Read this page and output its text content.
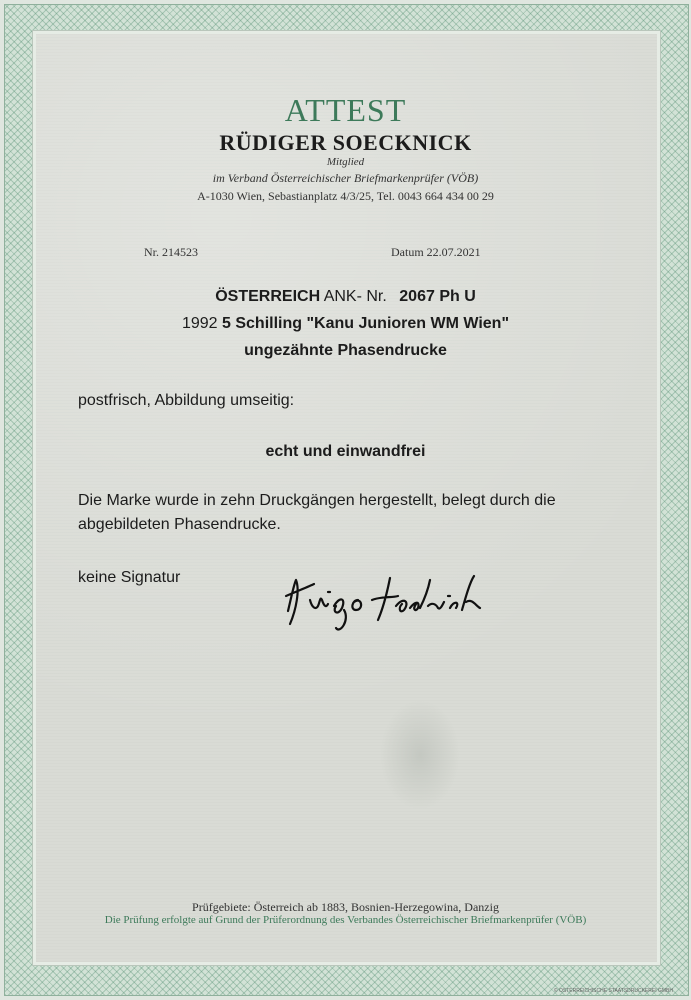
ATTEST
RÜDIGER SOECKNICK
Mitglied
im Verband Österreichischer Briefmarkenprüfer (VÖB)
A-1030 Wien, Sebastianplatz 4/3/25, Tel. 0043 664 434 00 29
Nr. 214523	Datum 22.07.2021
ÖSTERREICH ANK- Nr. 2067 Ph U
1992 5 Schilling "Kanu Junioren WM Wien"
ungezähnte Phasendrucke
postfrisch, Abbildung umseitig:
echt und einwandfrei
Die Marke wurde in zehn Druckgängen hergestellt, belegt durch die abgebildeten Phasendrucke.
keine Signatur
Prüfgebiete: Österreich ab 1883, Bosnien-Herzegowina, Danzig
Die Prüfung erfolgte auf Grund der Prüferordnung des Verbandes Österreichischer Briefmarkenprüfer (VÖB)
© OSTERREICHISCHE STAATSDRUCKEREI GMBH
